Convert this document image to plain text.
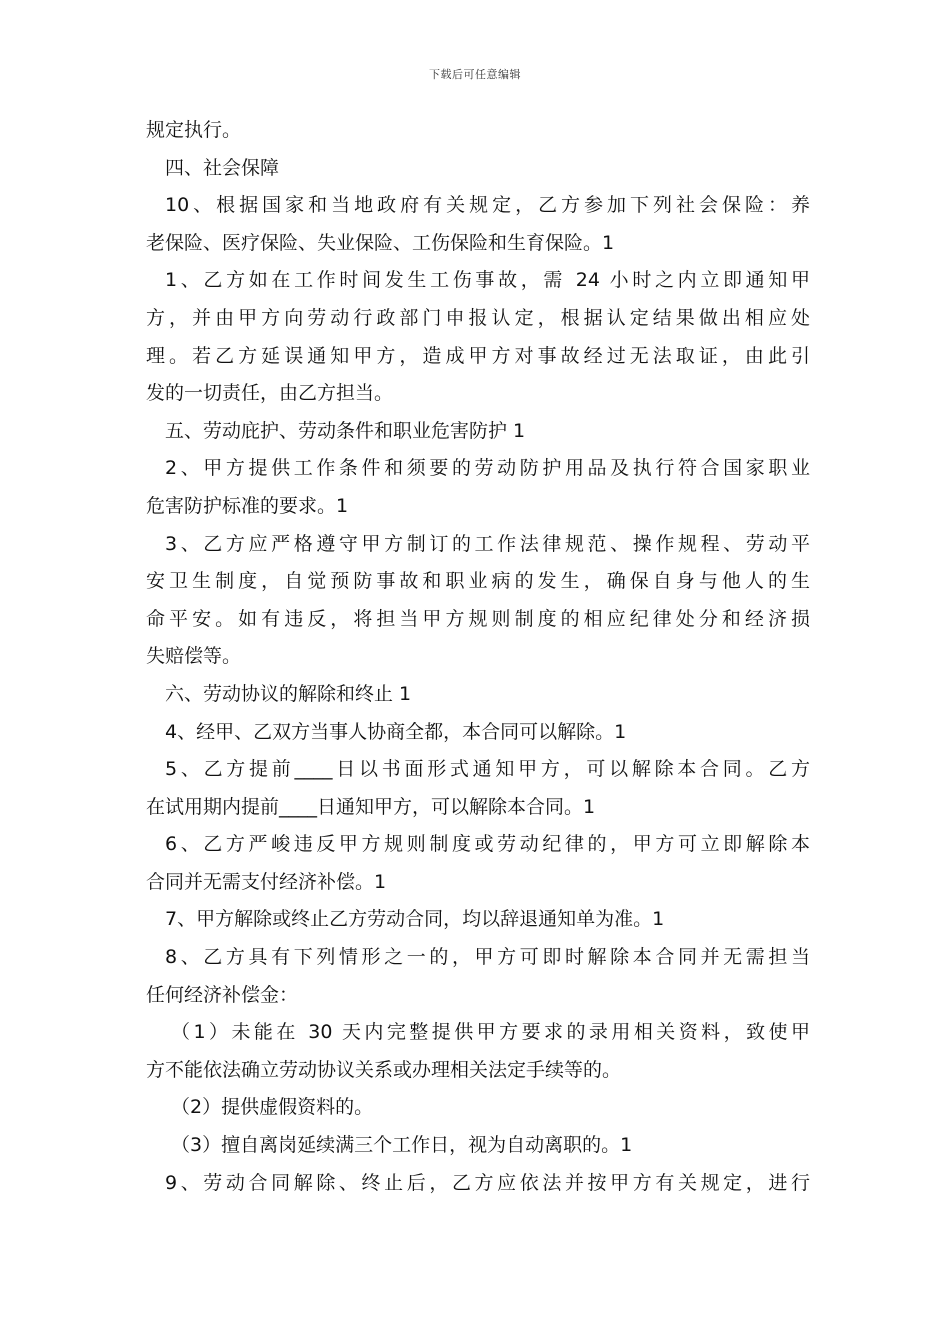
下载后可任意编辑
规定执行。
四、社会保障
10、根据国家和当地政府有关规定，乙方参加下列社会保险：养
老保险、医疗保险、失业保险、工伤保险和生育保险。1
1、乙方如在工作时间发生工伤事故，需 24 小时之内立即通知甲
方，并由甲方向劳动行政部门申报认定，根据认定结果做出相应处
理。若乙方延误通知甲方，造成甲方对事故经过无法取证，由此引
发的一切责任，由乙方担当。
五、劳动庇护、劳动条件和职业危害防护 1
2、甲方提供工作条件和须要的劳动防护用品及执行符合国家职业
危害防护标准的要求。1
3、乙方应严格遵守甲方制订的工作法律规范、操作规程、劳动平
安卫生制度，自觉预防事故和职业病的发生，确保自身与他人的生
命平安。如有违反，将担当甲方规则制度的相应纪律处分和经济损
失赔偿等。
六、劳动协议的解除和终止 1
4、经甲、乙双方当事人协商全都，本合同可以解除。1
5、乙方提前____日以书面形式通知甲方，可以解除本合同。乙方
在试用期内提前____日通知甲方，可以解除本合同。1
6、乙方严峻违反甲方规则制度或劳动纪律的，甲方可立即解除本
合同并无需支付经济补偿。1
7、甲方解除或终止乙方劳动合同，均以辞退通知单为准。1
8、乙方具有下列情形之一的，甲方可即时解除本合同并无需担当
任何经济补偿金：
（1）未能在 30 天内完整提供甲方要求的录用相关资料，致使甲
方不能依法确立劳动协议关系或办理相关法定手续等的。
（2）提供虚假资料的。
（3）擅自离岗延续满三个工作日，视为自动离职的。1
9、劳动合同解除、终止后，乙方应依法并按甲方有关规定，进行
